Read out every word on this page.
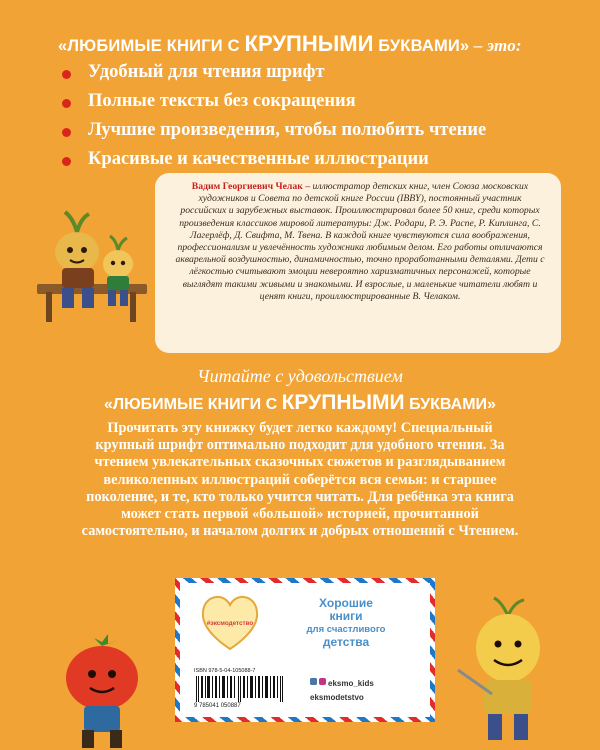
«ЛЮБИМЫЕ КНИГИ С КРУПНЫМИ БУКВАМИ» – это:
Удобный для чтения шрифт
Полные тексты без сокращения
Лучшие произведения, чтобы полюбить чтение
Красивые и качественные иллюстрации

Вадим Георгиевич Челак – иллюстратор детских книг, член Союза московских художников и Совета по детской книге России (IBBY), постоянный участник российских и зарубежных выставок. Проиллюстрировал более 50 книг, среди которых произведения классиков мировой литературы: Дж. Родари, Р. Э. Распе, Р. Киплинга, С. Лагерлёф, Д. Свифта, М. Твена. В каждой книге чувствуются сила воображения, профессионализм и увлечённость художника любимым делом. Его работы отличаются акварельной воздушностью, динамичностью, точно проработанными деталями. Дети с лёгкостью считывают эмоции невероятно харизматичных персонажей, которые выглядят такими живыми и знакомыми. И взрослые, и маленькие читатели любят и ценят книги, проиллюстрированные В. Челаком.

Читайте с удовольствием
«ЛЮБИМЫЕ КНИГИ С КРУПНЫМИ БУКВАМИ»

Прочитать эту книжку будет легко каждому! Специальный крупный шрифт оптимально подходит для удобного чтения. За чтением увлекательных сказочных сюжетов и разглядыванием великолепных иллюстраций соберётся вся семья: и старшее поколение, и те, кто только учится читать. Для ребёнка эта книга может стать первой «большой» историей, прочитанной самостоятельно, и началом долгих и добрых отношений с Чтением.

#эксмодетство
Хорошие
книги
для счастливого
детства
ISBN 978-5-04-105088-7
9 785041 050887
eksmo_kids
eksmodetstvo
